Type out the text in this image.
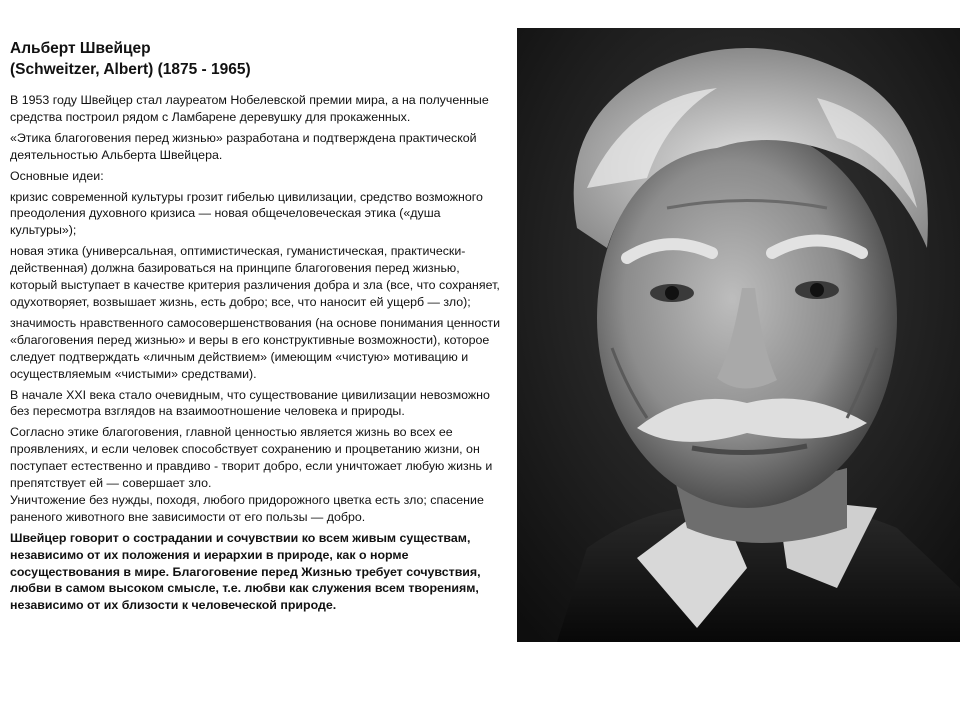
Альберт Швейцер
(Schweitzer, Albert) (1875 - 1965)

В 1953 году Швейцер стал лауреатом Нобелевской премии мира, а на полученные средства построил рядом с Ламбарене деревушку для прокаженных.

«Этика благоговения перед жизнью» разработана и подтверждена практической деятельностью Альберта Швейцера.

Основные идеи:

кризис современной культуры грозит гибелью цивилизации, средство возможного преодоления духовного кризиса — новая общечеловеческая этика («душа культуры»);

новая этика (универсальная, оптимистическая, гуманистическая, практически-действенная) должна базироваться на принципе благоговения перед жизнью, который выступает в качестве критерия различения добра и зла (все, что сохраняет, одухотворяет, возвышает жизнь, есть добро; все, что наносит ей ущерб — зло);

значимость нравственного самосовершенствования (на основе понимания ценности «благоговения перед жизнью» и веры в его конструктивные возможности), которое следует подтверждать «личным действием» (имеющим «чистую» мотивацию и осуществляемым «чистыми» средствами).

В начале XXI века стало очевидным, что существование цивилизации невозможно без пересмотра взглядов на взаимоотношение человека и природы.

Согласно этике благоговения, главной ценностью является жизнь во всех ее проявлениях, и если человек способствует сохранению и процветанию жизни, он поступает естественно и правдиво - творит добро, если уничтожает любую жизнь и препятствует ей — совершает зло.

Уничтожение без нужды, походя, любого придорожного цветка есть зло; спасение раненого животного вне зависимости от его пользы — добро.

Швейцер говорит о сострадании и сочувствии ко всем живым существам, независимо от их положения и иерархии в природе, как о норме сосуществования в мире. Благоговение перед Жизнью требует сочувствия, любви в самом высоком смысле, т.е. любви как служения всем творениям, независимо от их близости к человеческой природе.
